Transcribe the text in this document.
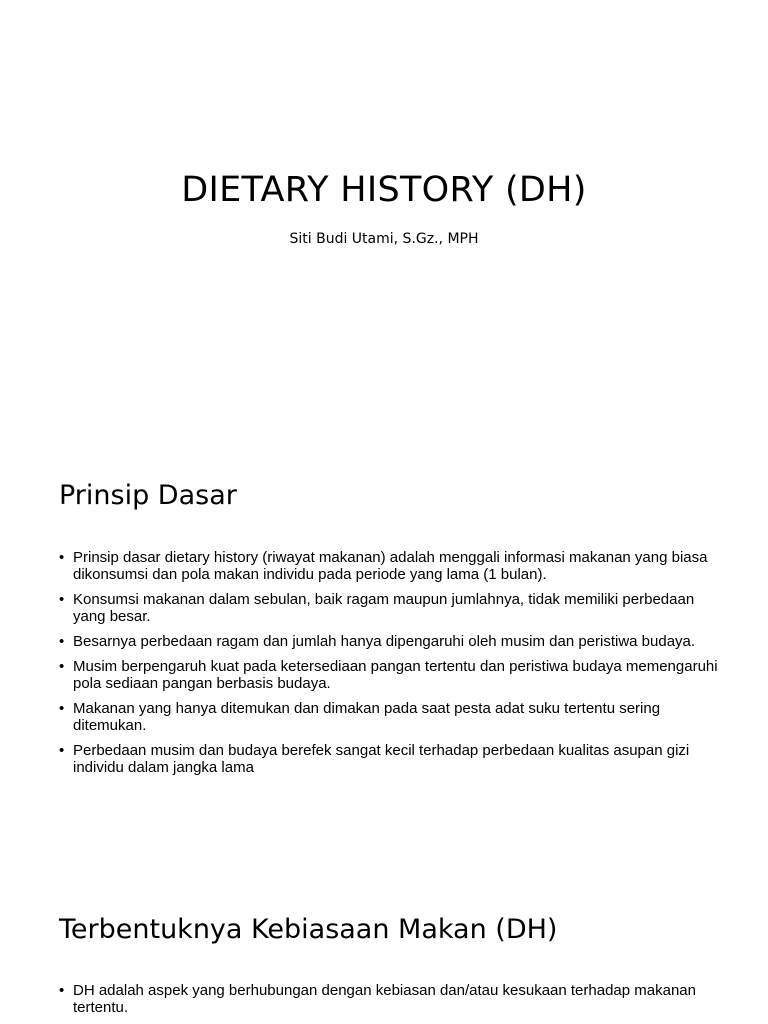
DIETARY HISTORY (DH)

Siti Budi Utami, S.Gz., MPH

Prinsip Dasar
• Prinsip dasar dietary history (riwayat makanan) adalah menggali informasi makanan yang biasa dikonsumsi dan pola makan individu pada periode yang lama (1 bulan).
• Konsumsi makanan dalam sebulan, baik ragam maupun jumlahnya, tidak memiliki perbedaan yang besar.
• Besarnya perbedaan ragam dan jumlah hanya dipengaruhi oleh musim dan peristiwa budaya.
• Musim berpengaruh kuat pada ketersediaan pangan tertentu dan peristiwa budaya memengaruhi pola sediaan pangan berbasis budaya.
• Makanan yang hanya ditemukan dan dimakan pada saat pesta adat suku tertentu sering ditemukan.
• Perbedaan musim dan budaya berefek sangat kecil terhadap perbedaan kualitas asupan gizi individu dalam jangka lama
Terbentuknya Kebiasaan Makan (DH)
• DH adalah aspek yang berhubungan dengan kebiasan dan/atau kesukaan terhadap makanan tertentu.
